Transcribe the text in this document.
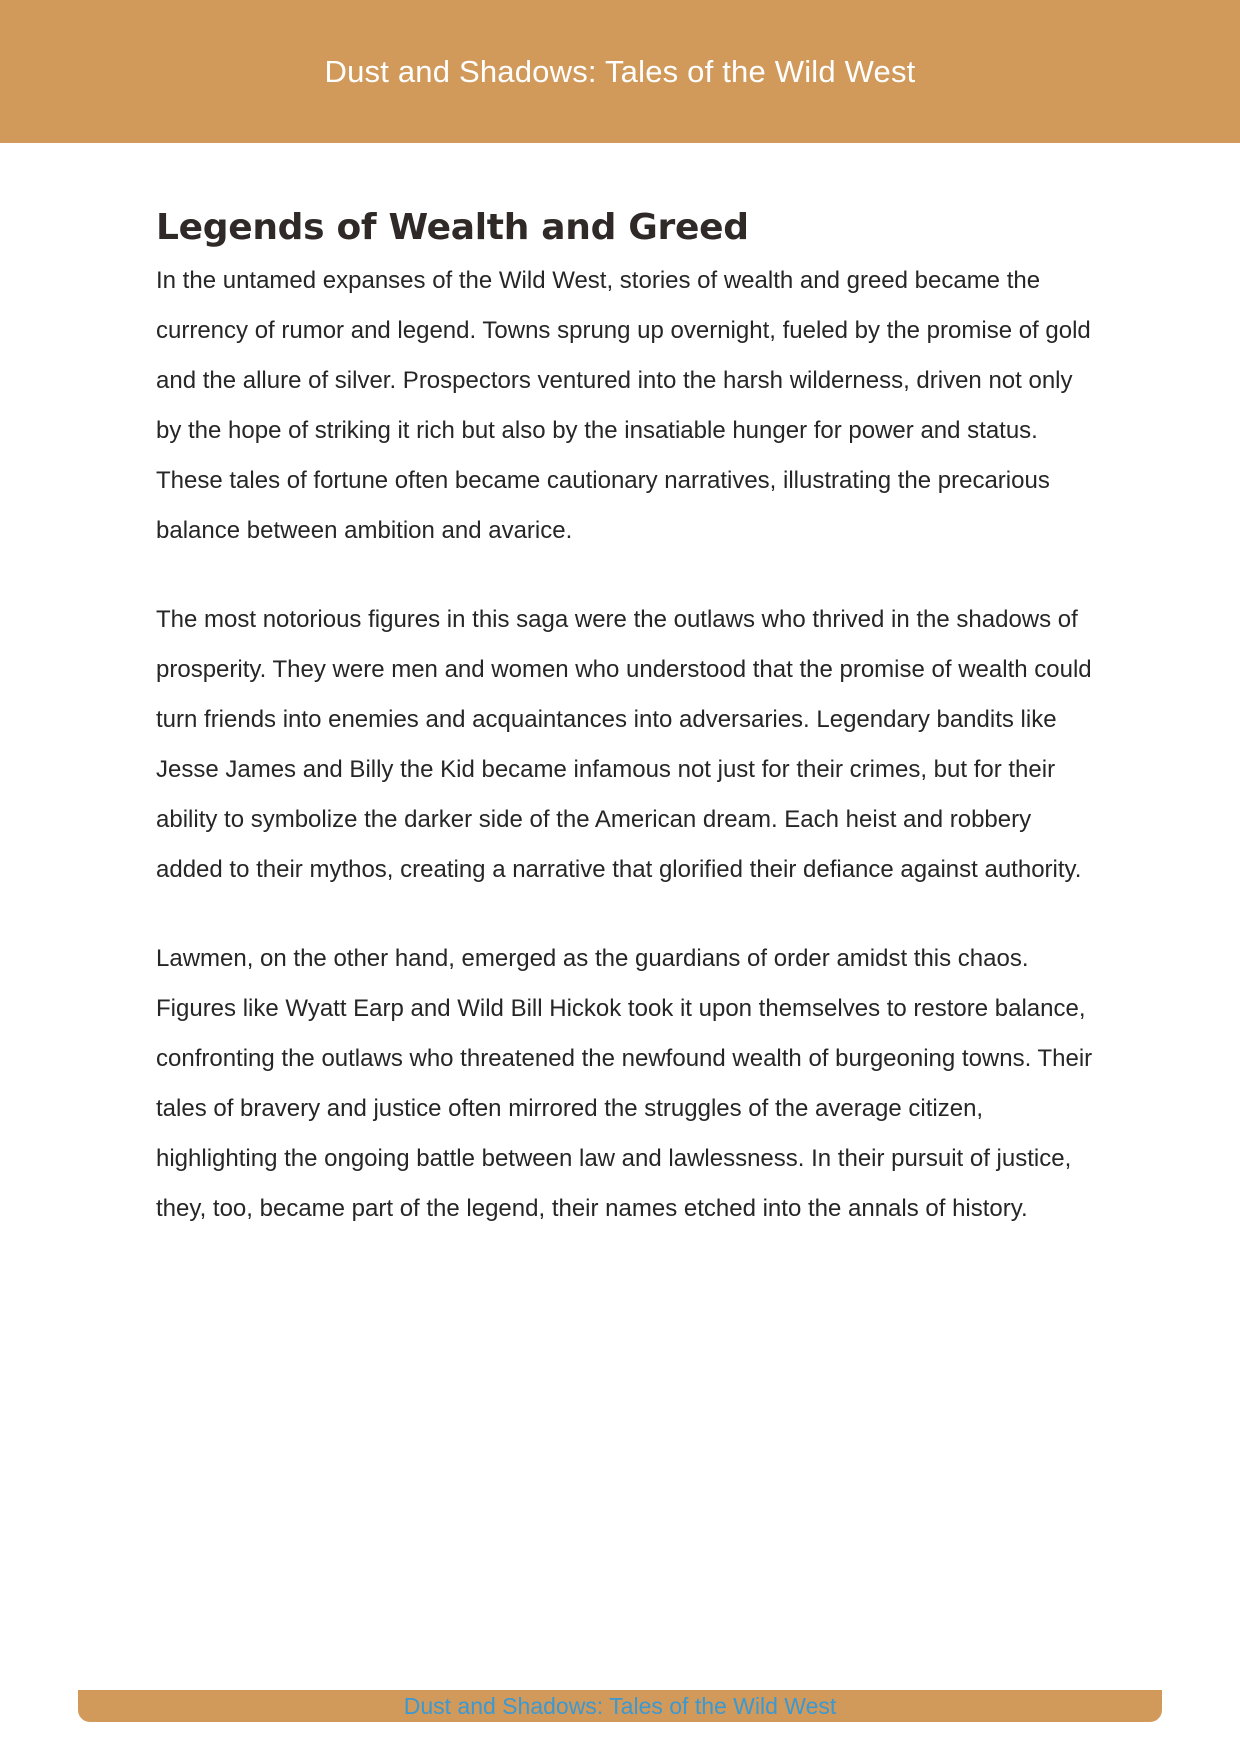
Dust and Shadows: Tales of the Wild West
Legends of Wealth and Greed

In the untamed expanses of the Wild West, stories of wealth and greed became the currency of rumor and legend. Towns sprung up overnight, fueled by the promise of gold and the allure of silver. Prospectors ventured into the harsh wilderness, driven not only by the hope of striking it rich but also by the insatiable hunger for power and status. These tales of fortune often became cautionary narratives, illustrating the precarious balance between ambition and avarice.

The most notorious figures in this saga were the outlaws who thrived in the shadows of prosperity. They were men and women who understood that the promise of wealth could turn friends into enemies and acquaintances into adversaries. Legendary bandits like Jesse James and Billy the Kid became infamous not just for their crimes, but for their ability to symbolize the darker side of the American dream. Each heist and robbery added to their mythos, creating a narrative that glorified their defiance against authority.

Lawmen, on the other hand, emerged as the guardians of order amidst this chaos. Figures like Wyatt Earp and Wild Bill Hickok took it upon themselves to restore balance, confronting the outlaws who threatened the newfound wealth of burgeoning towns. Their tales of bravery and justice often mirrored the struggles of the average citizen, highlighting the ongoing battle between law and lawlessness. In their pursuit of justice, they, too, became part of the legend, their names etched into the annals of history.

Dust and Shadows: Tales of the Wild West
